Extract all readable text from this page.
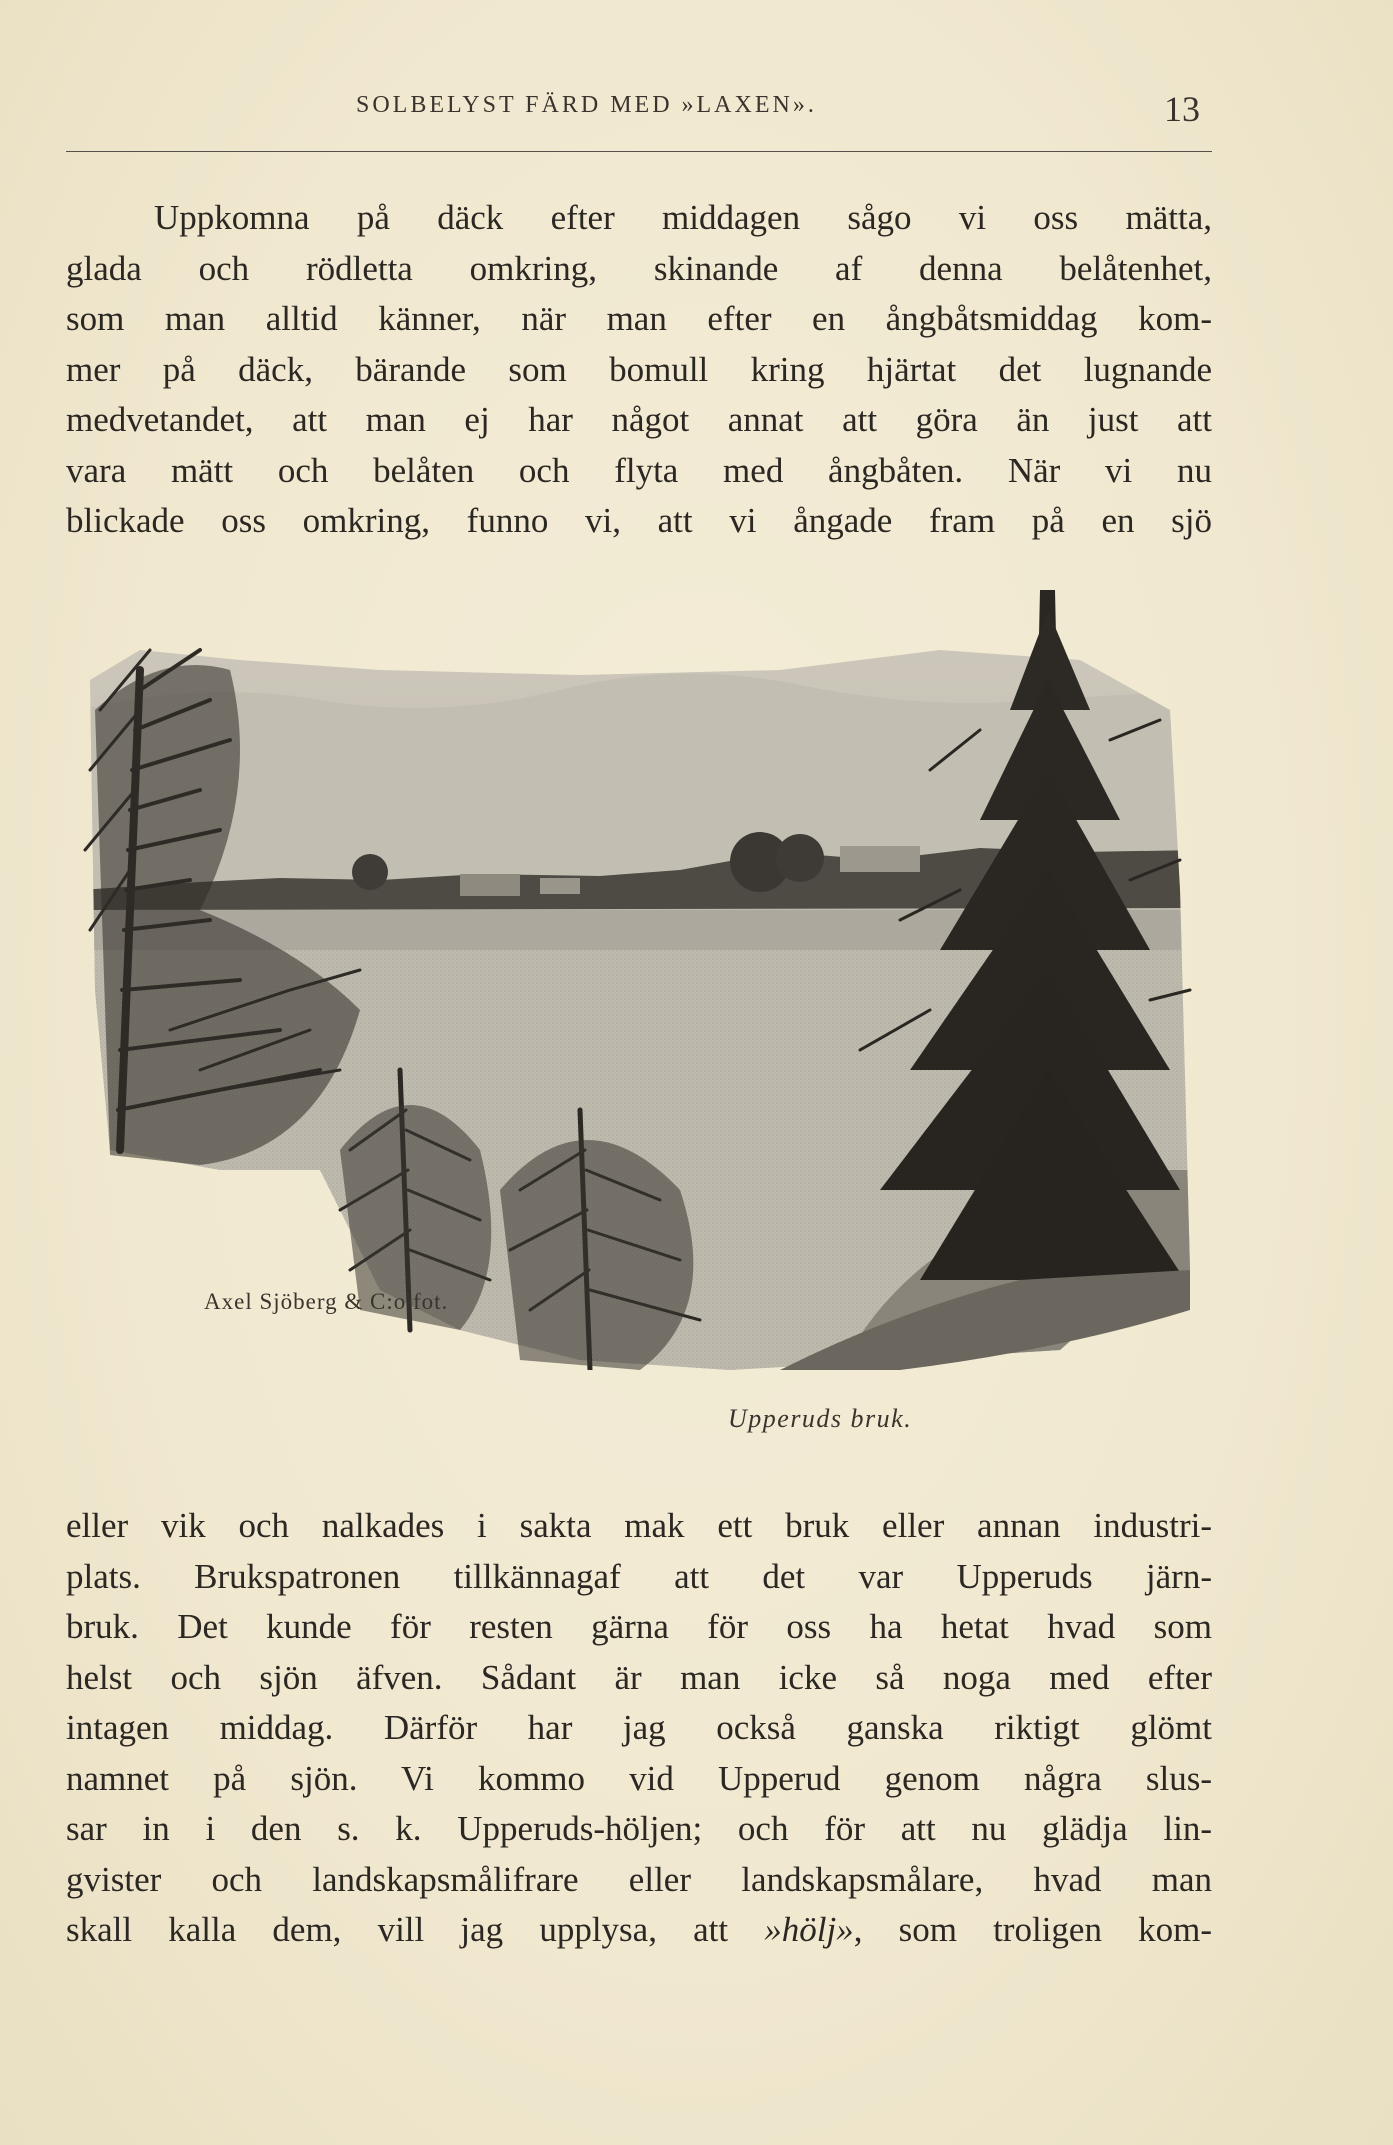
SOLBELYST FÄRD MED »LAXEN».	13
Uppkomna på däck efter middagen sågo vi oss mätta,
glada och rödletta omkring, skinande af denna belåtenhet,
som man alltid känner, när man efter en ångbåtsmiddag kom-
mer på däck, bärande som bomull kring hjärtat det lugnande
medvetandet, att man ej har något annat att göra än just att
vara mätt och belåten och flyta med ångbåten. När vi nu
blickade oss omkring, funno vi, att vi ångade fram på en sjö
Axel Sjöberg & C:o fot.
Upperuds bruk.
eller vik och nalkades i sakta mak ett bruk eller annan industri-
plats. Brukspatronen tillkännagaf att det var Upperuds järn-
bruk. Det kunde för resten gärna för oss ha hetat hvad som
helst och sjön äfven. Sådant är man icke så noga med efter
intagen middag. Därför har jag också ganska riktigt glömt
namnet på sjön. Vi kommo vid Upperud genom några slus-
sar in i den s. k. Upperuds-höljen; och för att nu glädja lin-
gvister och landskapsmålifrare eller landskapsmålare, hvad man
skall kalla dem, vill jag upplysa, att »hölj», som troligen kom-
